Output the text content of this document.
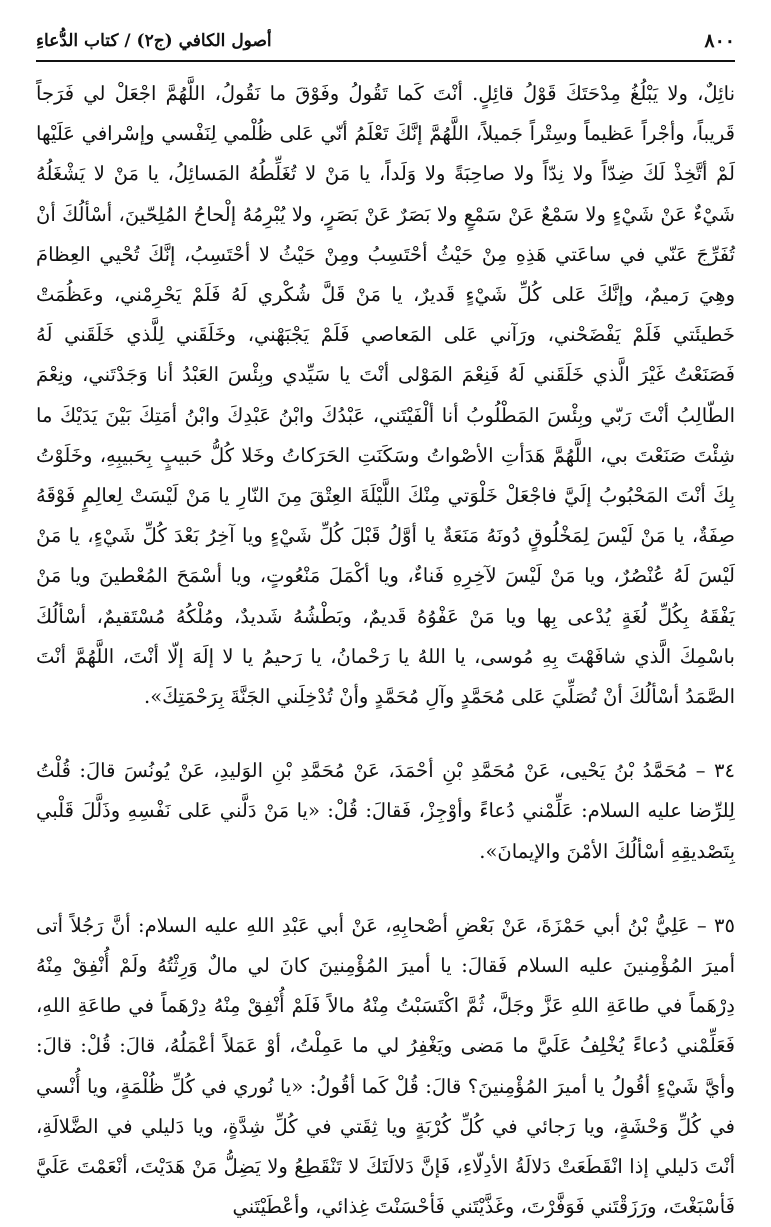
أصول الكافي (ج٢) / كتاب الدُّعاءِ	٨٠٠

نائِلٌ، ولا يَبْلُغُ مِدْحَتَكَ قَوْلُ قائِلٍ. أنْتَ كَما تَقُولُ وفَوْقَ ما نَقُولُ، اللَّهُمَّ اجْعَلْ لي فَرَجاً قَريباً، وأجْراً عَظيماً وسِتْراً جَميلاً، اللَّهُمَّ إنَّكَ تَعْلَمُ أنّي عَلى ظُلْمي لِنَفْسي وإسْرافي عَلَيْها لَمْ أتَّخِذْ لَكَ ضِدّاً ولا نِدّاً ولا صاحِبَةً ولا وَلَداً، يا مَنْ لا تُغَلِّطُهُ المَسائِلُ، يا مَنْ لا يَشْغَلُهُ شَيْءٌ عَنْ شَيْءٍ ولا سَمْعٌ عَنْ سَمْعٍ ولا بَصَرٌ عَنْ بَصَرٍ، ولا يُبْرِمُهُ إلْحاحُ المُلِحّينَ، أسْألُكَ أنْ تُفَرِّجَ عَنّي في ساعَتي هَذِهِ مِنْ حَيْثُ أحْتَسِبُ ومِنْ حَيْثُ لا أحْتَسِبُ، إنَّكَ تُحْيي العِظامَ وهِيَ رَميمٌ، وإنَّكَ عَلى كُلِّ شَيْءٍ قَديرٌ، يا مَنْ قَلَّ شُكْري لَهُ فَلَمْ يَحْرِمْني، وعَظُمَتْ خَطيئَتي فَلَمْ يَفْضَحْني، ورَآني عَلى المَعاصي فَلَمْ يَجْبَهْني، وخَلَقَني لِلَّذي خَلَقَني لَهُ فَصَنَعْتُ غَيْرَ الَّذي خَلَقَني لَهُ فَنِعْمَ المَوْلى أنْتَ يا سَيِّدي وبِئْسَ العَبْدُ أنا وَجَدْتَني، ونِعْمَ الطّالِبُ أنْتَ رَبّي وبِئْسَ المَطْلُوبُ أنا ألْفَيْتَني، عَبْدُكَ وابْنُ عَبْدِكَ وابْنُ أمَتِكَ بَيْنَ يَدَيْكَ ما شِئْتَ صَنَعْتَ بي، اللَّهُمَّ هَدَأتِ الأصْواتُ وسَكَنَتِ الحَرَكاتُ وخَلا كُلُّ حَبيبٍ بِحَبيبِهِ، وخَلَوْتُ بِكَ أنْتَ المَحْبُوبُ إلَيَّ فاجْعَلْ خَلْوَتي مِنْكَ اللَّيْلَةَ العِتْقَ مِنَ النّارِ يا مَنْ لَيْسَتْ لِعالِمٍ فَوْقَهُ صِفَةٌ، يا مَنْ لَيْسَ لِمَخْلُوقٍ دُونَهُ مَنَعَةٌ يا أوَّلُ قَبْلَ كُلِّ شَيْءٍ ويا آخِرُ بَعْدَ كُلِّ شَيْءٍ، يا مَنْ لَيْسَ لَهُ عُنْصُرٌ، ويا مَنْ لَيْسَ لآخِرِهِ فَناءٌ، ويا أكْمَلَ مَنْعُوتٍ، ويا أسْمَحَ المُعْطينَ ويا مَنْ يَفْقَهُ بِكُلِّ لُغَةٍ يُدْعى بِها ويا مَنْ عَفْوُهُ قَديمٌ، وبَطْشُهُ شَديدٌ، ومُلْكُهُ مُسْتَقيمٌ، أسْألُكَ باسْمِكَ الَّذي شافَهْتَ بِهِ مُوسى، يا اللهُ يا رَحْمانُ، يا رَحيمُ يا لا إلَهَ إلّا أنْتَ، اللَّهُمَّ أنْتَ الصَّمَدُ أسْألُكَ أنْ تُصَلِّيَ عَلى مُحَمَّدٍ وآلِ مُحَمَّدٍ وأنْ تُدْخِلَني الجَنَّةَ بِرَحْمَتِكَ».

٣٤ – مُحَمَّدُ بْنُ يَحْيى، عَنْ مُحَمَّدِ بْنِ أحْمَدَ، عَنْ مُحَمَّدِ بْنِ الوَليدِ، عَنْ يُونُسَ قالَ: قُلْتُ لِلرِّضا عليه السلام: عَلِّمْني دُعاءً وأوْجِزْ، فَقالَ: قُلْ: «يا مَنْ دَلَّني عَلى نَفْسِهِ وذَلَّلَ قَلْبي بِتَصْديقِهِ أسْألُكَ الأمْنَ والإيمانَ».

٣٥ – عَلِيُّ بْنُ أبي حَمْزَةَ، عَنْ بَعْضِ أصْحابِهِ، عَنْ أبي عَبْدِ اللهِ عليه السلام: أنَّ رَجُلاً أتى أميرَ المُؤْمِنينَ عليه السلام فَقالَ: يا أميرَ المُؤْمِنينَ كانَ لي مالٌ وَرِثْتُهُ ولَمْ أُنْفِقْ مِنْهُ دِرْهَماً في طاعَةِ اللهِ عَزَّ وجَلَّ، ثُمَّ اكْتَسَبْتُ مِنْهُ مالاً فَلَمْ أُنْفِقْ مِنْهُ دِرْهَماً في طاعَةِ اللهِ، فَعَلِّمْني دُعاءً يُخْلِفُ عَلَيَّ ما مَضى ويَغْفِرُ لي ما عَمِلْتُ، أوْ عَمَلاً أعْمَلُهُ، قالَ: قُلْ: قالَ: وأيَّ شَيْءٍ أقُولُ يا أميرَ المُؤْمِنينَ؟ قالَ: قُلْ كَما أقُولُ: «يا نُوري في كُلِّ ظُلْمَةٍ، ويا أُنْسي في كُلِّ وَحْشَةٍ، ويا رَجائي في كُلِّ كُرْبَةٍ ويا ثِقَتي في كُلِّ شِدَّةٍ، ويا دَليلي في الضَّلالَةِ، أنْتَ دَليلي إذا انْقَطَعَتْ دَلالَةُ الأدِلّاءِ، فَإنَّ دَلالَتَكَ لا تَنْقَطِعُ ولا يَضِلُّ مَنْ هَدَيْتَ، أنْعَمْتَ عَلَيَّ فَأسْبَغْتَ، ورَزَقْتَني فَوَفَّرْتَ، وغَذَّيْتَني فَأحْسَنْتَ غِذائي، وأعْطَيْتَني
